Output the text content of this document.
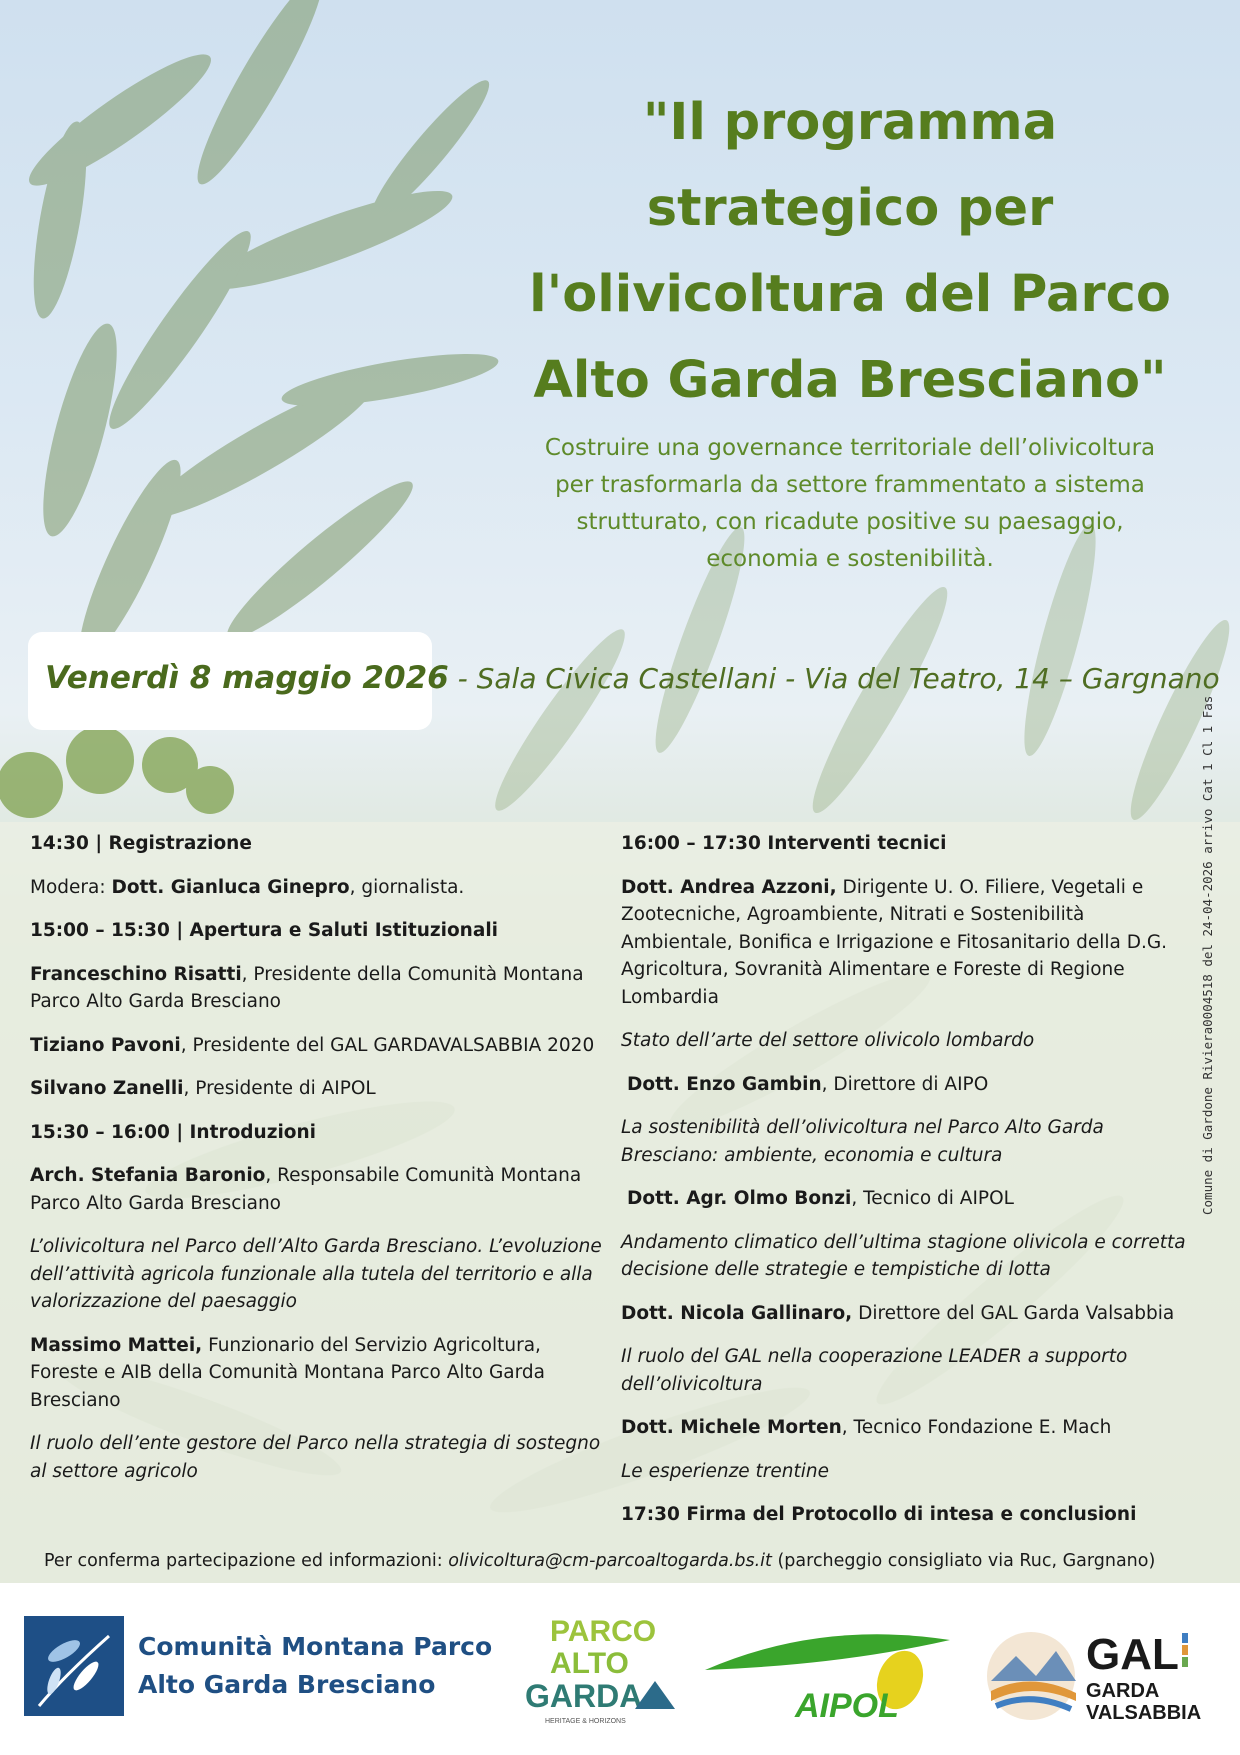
"Il programma
strategico per
l'olivicoltura del Parco
Alto Garda Bresciano"
Costruire una governance territoriale dell’olivicoltura
per trasformarla da settore frammentato a sistema
strutturato, con ricadute positive su paesaggio,
economia e sostenibilità.
Venerdì 8 maggio 2026 - Sala Civica Castellani - Via del Teatro, 14 – Gargnano

14:30 | Registrazione

Modera: Dott. Gianluca Ginepro, giornalista.

15:00 – 15:30 | Apertura e Saluti Istituzionali

Franceschino Risatti, Presidente della Comunità Montana Parco Alto Garda Bresciano

Tiziano Pavoni, Presidente del GAL GARDAVALSABBIA 2020

Silvano Zanelli, Presidente di AIPOL

15:30 – 16:00 | Introduzioni

Arch. Stefania Baronio, Responsabile Comunità Montana Parco Alto Garda Bresciano

L’olivicoltura nel Parco dell’Alto Garda Bresciano. L’evoluzione dell’attività agricola funzionale alla tutela del territorio e alla valorizzazione del paesaggio

Massimo Mattei, Funzionario del Servizio Agricoltura, Foreste e AIB della Comunità Montana Parco Alto Garda Bresciano

Il ruolo dell’ente gestore del Parco nella strategia di sostegno al settore agricolo

16:00 – 17:30 Interventi tecnici

Dott. Andrea Azzoni, Dirigente U. O. Filiere, Vegetali e Zootecniche, Agroambiente, Nitrati e Sostenibilità Ambientale, Bonifica e Irrigazione e Fitosanitario della D.G. Agricoltura, Sovranità Alimentare e Foreste di Regione Lombardia

Stato dell’arte del settore olivicolo lombardo

Dott. Enzo Gambin, Direttore di AIPO

La sostenibilità dell’olivicoltura nel Parco Alto Garda Bresciano: ambiente, economia e cultura

Dott. Agr. Olmo Bonzi, Tecnico di AIPOL

Andamento climatico dell’ultima stagione olivicola e corretta decisione delle strategie e tempistiche di lotta

Dott. Nicola Gallinaro, Direttore del GAL Garda Valsabbia

Il ruolo del GAL nella cooperazione LEADER a supporto dell’olivicoltura

Dott. Michele Morten, Tecnico Fondazione E. Mach

Le esperienze trentine

17:30 Firma del Protocollo di intesa e conclusioni

Per conferma partecipazione ed informazioni: olivicoltura@cm-parcoaltogarda.bs.it (parcheggio consigliato via Ruc, Gargnano)
Comune di Gardone Riviera0004518 del 24-04-2026 arrivo Cat 1 Cl 1 Fas
Comunità Montana Parco
Alto Garda Bresciano
PARCO
ALTO
GARDA
HERITAGE & HORIZONS	AIPOL
GAL
GARDA
VALSABBIA
